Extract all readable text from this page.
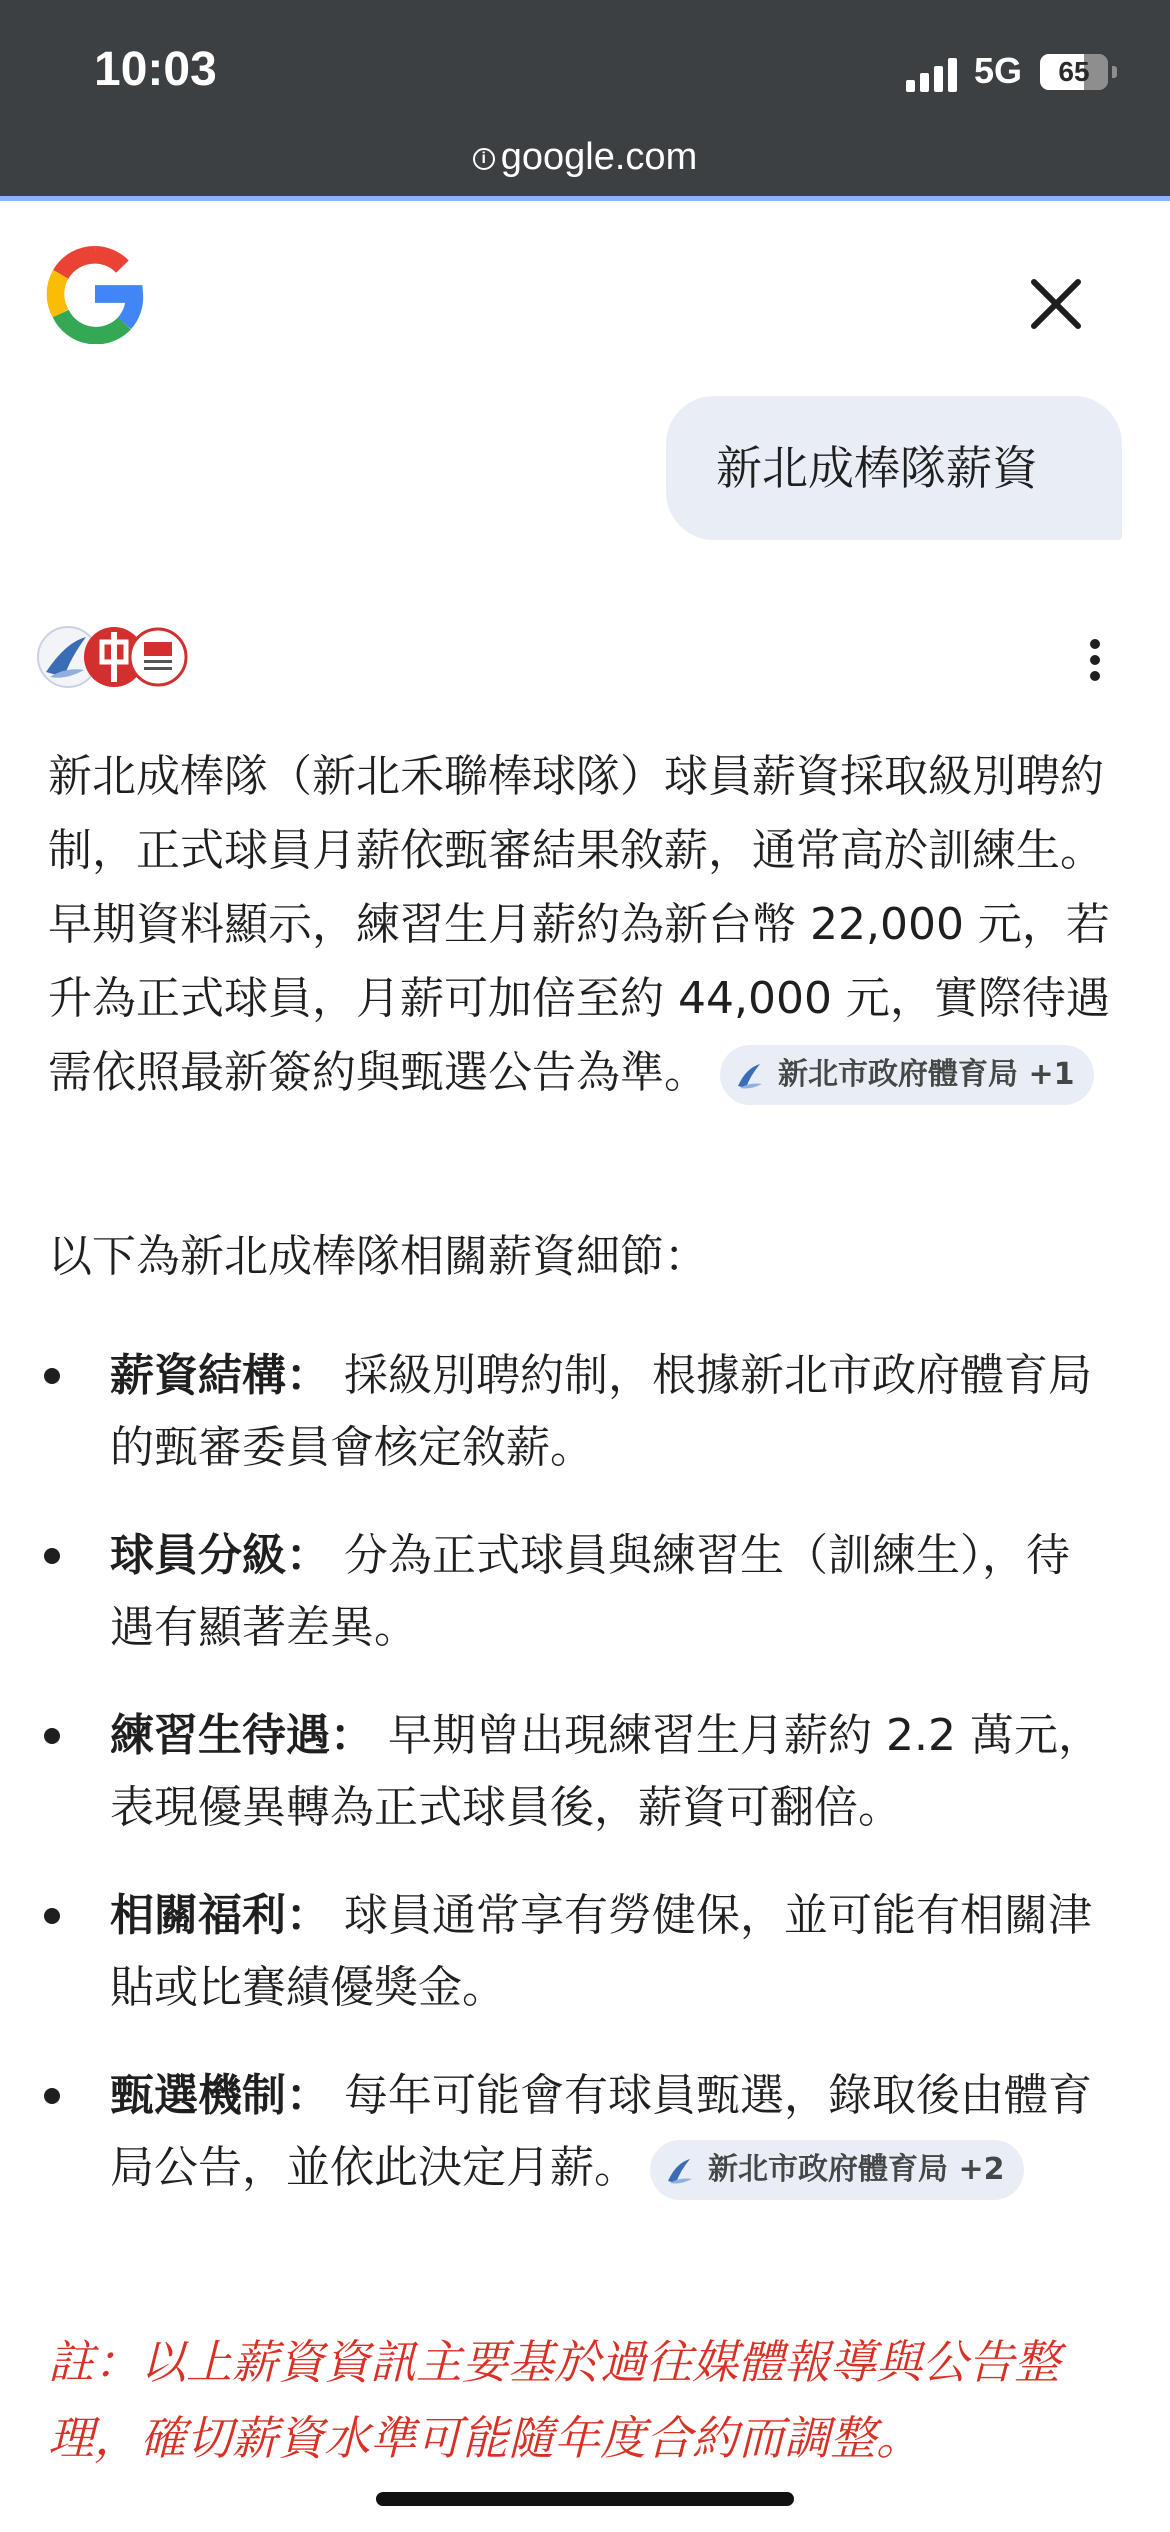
10:03	5G	65
i google.com
新北成棒隊薪資
新北成棒隊（新北禾聯棒球隊）球員薪資採取級別聘約制，正式球員月薪依甄審結果敘薪，通常高於訓練生。早期資料顯示，練習生月薪約為新台幣 22,000 元，若升為正式球員，月薪可加倍至約 44,000 元，實際待遇需依照最新簽約與甄選公告為準。 新北市政府體育局
+1
以下為新北成棒隊相關薪資細節：
薪資結構： 採級別聘約制，根據新北市政府體育局的甄審委員會核定敘薪。
球員分級： 分為正式球員與練習生（訓練生），待遇有顯著差異。
練習生待遇： 早期曾出現練習生月薪約 2.2 萬元，表現優異轉為正式球員後，薪資可翻倍。
相關福利： 球員通常享有勞健保，並可能有相關津貼或比賽績優獎金。
甄選機制： 每年可能會有球員甄選，錄取後由體育局公告，並依此決定月薪。 新北市政府體育局
+2
註：以上薪資資訊主要基於過往媒體報導與公告整理，確切薪資水準可能隨年度合約而調整。
